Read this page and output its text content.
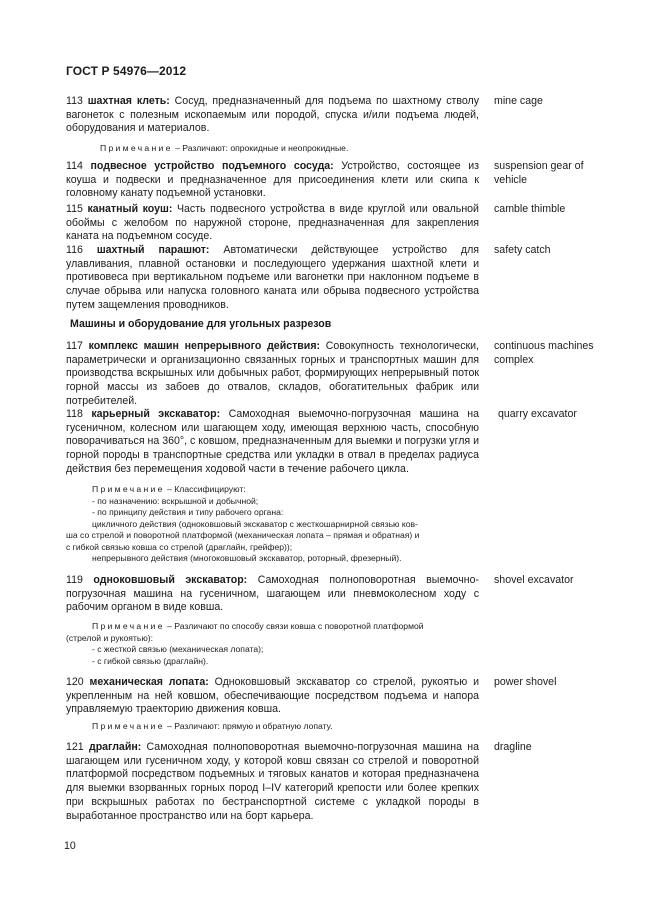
ГОСТ Р 54976—2012
113 шахтная клеть: Сосуд, предназначенный для подъема по шахтному стволу вагонеток с полезным ископаемым или породой, спуска и/или подъема людей, оборудования и материалов.
mine cage
Примечание – Различают: опрокидные и неопрокидные.
114 подвесное устройство подъемного сосуда: Устройство, состоящее из коуша и подвески и предназначенное для присоединения клети или скипа к головному канату подъемной установки.
suspension gear of vehicle
115 канатный коуш: Часть подвесного устройства в виде круглой или овальной обоймы с желобом по наружной стороне, предназначенная для закрепления каната на подъемном сосуде.
camble thimble
116 шахтный парашют: Автоматически действующее устройство для улавливания, плавной остановки и последующего удержания шахтной клети и противовеса при вертикальном подъеме или вагонетки при наклонном подъеме в случае обрыва или напуска головного каната или обрыва подвесного устройства путем защемления проводников.
safety catch
Машины и оборудование для угольных разрезов
117 комплекс машин непрерывного действия: Совокупность технологически, параметрически и организационно связанных горных и транспортных машин для производства вскрышных или добычных работ, формирующих непрерывный поток горной массы из забоев до отвалов, складов, обогатительных фабрик или потребителей.
continuous machines complex
118 карьерный экскаватор: Самоходная выемочно-погрузочная машина на гусеничном, колесном или шагающем ходу, имеющая верхнюю часть, способную поворачиваться на 360°, с ковшом, предназначенным для выемки и погрузки угля и горной породы в транспортные средства или укладки в отвал в пределах радиуса действия без перемещения ходовой части в течение рабочего цикла.
quarry excavator
Примечание – Классифицируют:
- по назначению: вскрышной и добычной;
- по принципу действия и типу рабочего органа:
цикличного действия (одноковшовый экскаватор с жесткошарнирной связью ков-
ша со стрелой и поворотной платформой (механическая лопата – прямая и обратная) и
с гибкой связью ковша со стрелой (драглайн, грейфер));
непрерывного действия (многоковшовый экскаватор, роторный, фрезерный).
119 одноковшовый экскаватор: Самоходная полноповоротная выемочно-погрузочная машина на гусеничном, шагающем или пневмоколесном ходу с рабочим органом в виде ковша.
shovel excavator
Примечание – Различают по способу связи ковша с поворотной платформой
(стрелой и рукоятью):
- с жесткой связью (механическая лопата);
- с гибкой связью (драглайн).
120 механическая лопата: Одноковшовый экскаватор со стрелой, рукоятью и укрепленным на ней ковшом, обеспечивающие посредством подъема и напора управляемую траекторию движения ковша.
power shovel
Примечание – Различают: прямую и обратную лопату.
121 драглайн: Самоходная полноповоротная выемочно-погрузочная машина на шагающем или гусеничном ходу, у которой ковш связан со стрелой и поворотной платформой посредством подъемных и тяговых канатов и которая предназначена для выемки взорванных горных пород I–IV категорий крепости или более крепких при вскрышных работах по бестранспортной системе с укладкой породы в выработанное пространство или на борт карьера.
dragline
10
